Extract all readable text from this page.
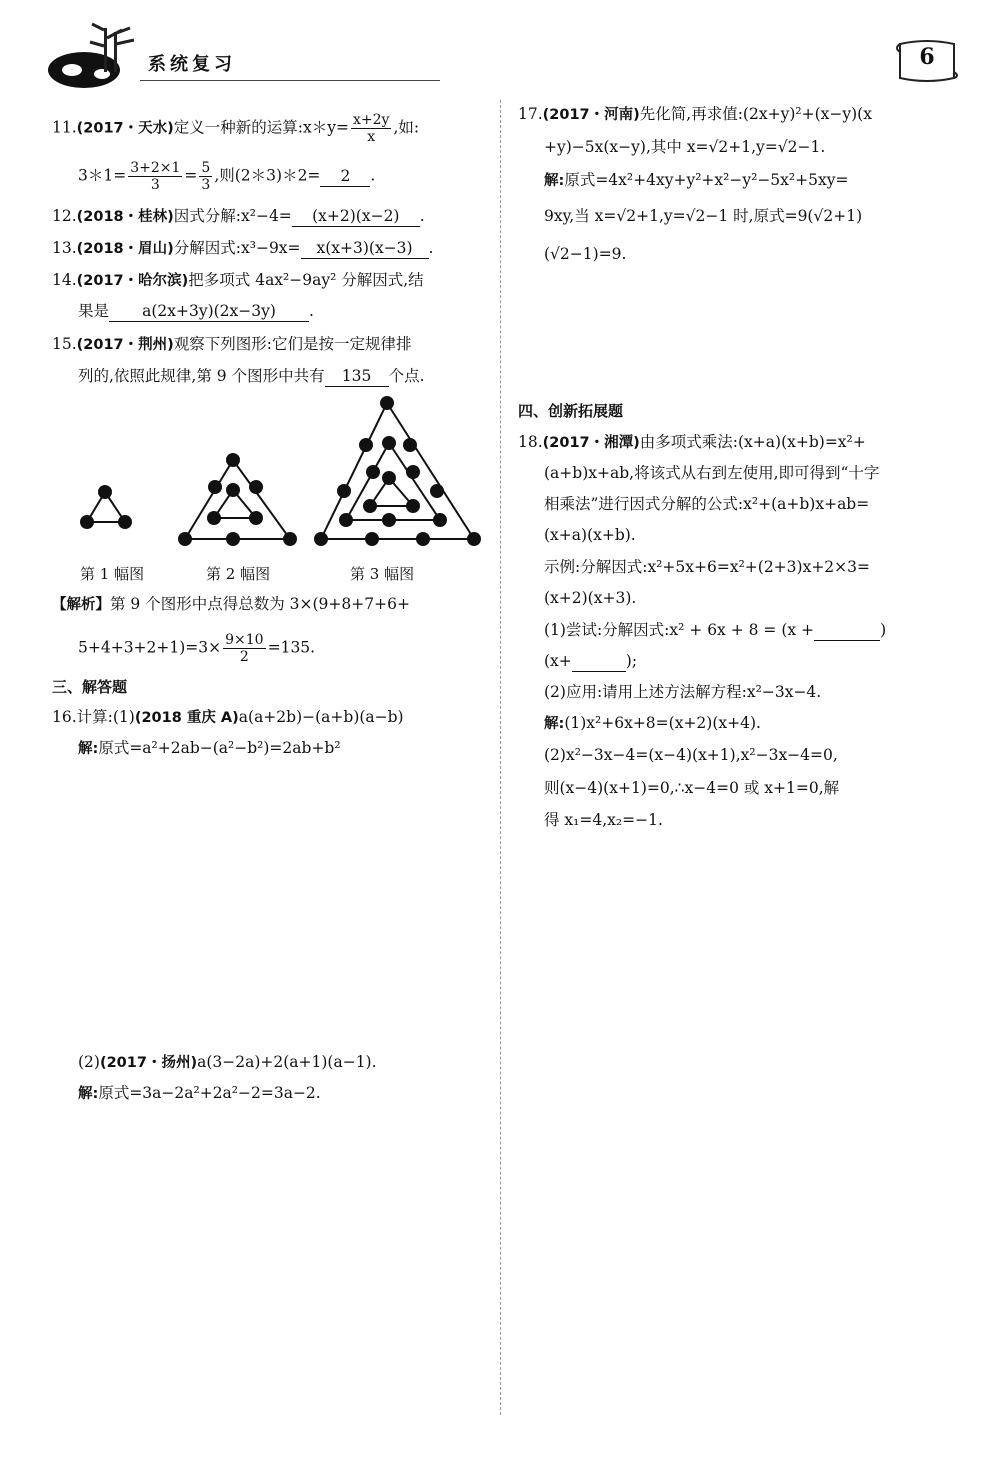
系统复习	6
11.(2017・天水)定义一种新的运算:x＊y= $\frac{x+2y}{x}$ ,如:
3＊1= $\frac{3+2\times 1}{3} = \frac{5}{3}$ ,则(2＊3)＊2= 2 .
12.(2018・桂林)因式分解:x²−4= (x+2)(x−2) .
13.(2018・眉山)分解因式:x³−9x= x(x+3)(x−3) .
14.(2017・哈尔滨)把多项式 4ax²−9ay² 分解因式,结
果是 a(2x+3y)(2x−3y) .
15.(2017・荆州)观察下列图形:它们是按一定规律排
列的,依照此规律,第 9 个图形中共有 135 个点.
第 1 幅图	第 2 幅图	第 3 幅图
【解析】第 9 个图形中点得总数为 3×(9+8+7+6+
$5+4+3+2+1)=3\times \frac{9\times 10}{2} =135$.
三、解答题
16.计算:(1)(2018 重庆 A)a(a+2b)−(a+b)(a−b)
解:原式=a²+2ab−(a²−b²)=2ab+b²
(2)(2017・扬州)a(3−2a)+2(a+1)(a−1).
解:原式=3a−2a²+2a²−2=3a−2.
17.(2017・河南)先化简,再求值:(2x+y)²+(x−y)(x
+y)−5x(x−y),其中 x=√2+1,y=√2−1.
解:原式=4x²+4xy+y²+x²−y²−5x²+5xy=
9xy,当 x=√2+1,y=√2−1 时,原式=9(√2+1)
(√2−1)=9.
四、创新拓展题
18.(2017・湘潭)由多项式乘法:(x+a)(x+b)=x²+
(a+b)x+ab,将该式从右到左使用,即可得到“十字
相乘法”进行因式分解的公式:x²+(a+b)x+ab=
(x+a)(x+b).
示例:分解因式:x²+5x+6=x²+(2+3)x+2×3=
(x+2)(x+3).
(1)尝试:分解因式:x² + 6x + 8 = (x +	)
(x+	);
(2)应用:请用上述方法解方程:x²−3x−4.
解:(1)x²+6x+8=(x+2)(x+4).
(2)x²−3x−4=(x−4)(x+1),x²−3x−4=0,
则(x−4)(x+1)=0,∴x−4=0 或 x+1=0,解
得 x₁=4,x₂=−1.
